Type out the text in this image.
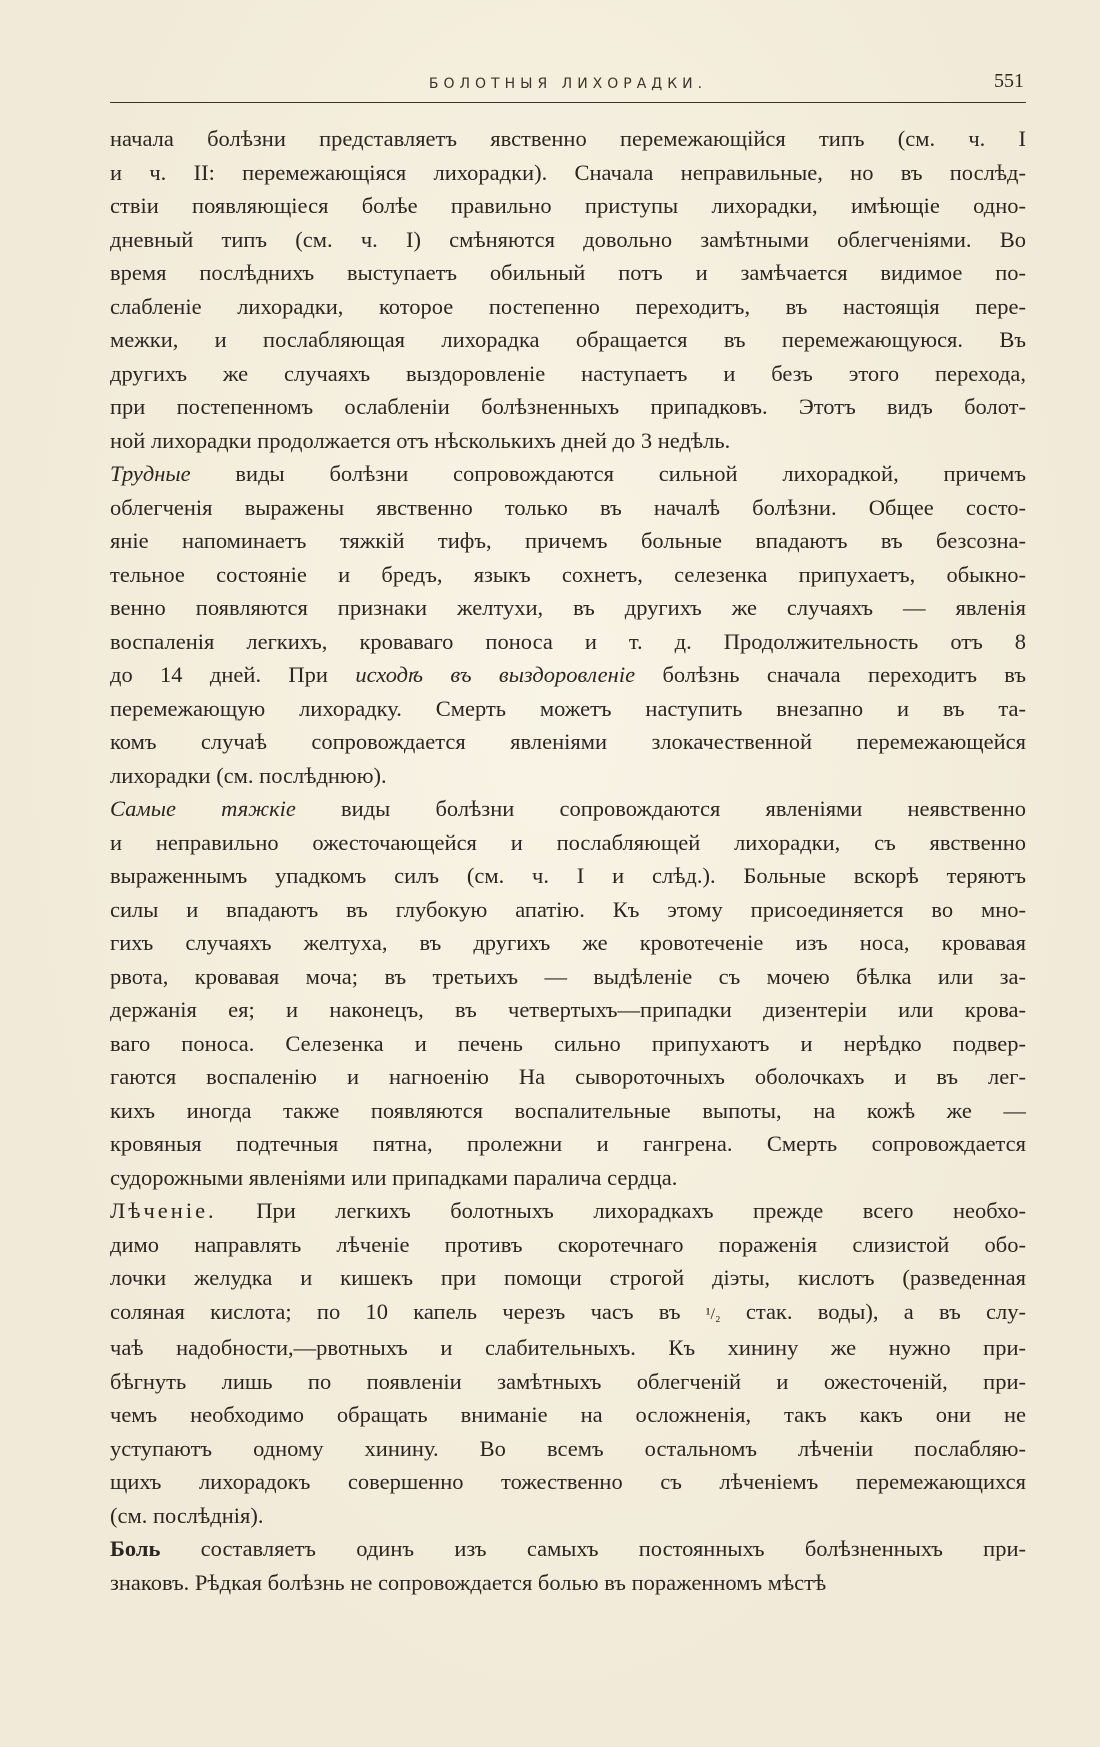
БОЛОТНЫЯ ЛИХОРАДКИ.	551

начала болѣзни представляетъ явственно перемежающійся типъ (см. ч. I
и ч. II: перемежающіяся лихорадки). Сначала неправильные, но въ послѣд-
ствіи появляющіеся болѣе правильно приступы лихорадки, имѣющіе одно-
дневный типъ (см. ч. I) смѣняются довольно замѣтными облегченіями. Во
время послѣднихъ выступаетъ обильный потъ и замѣчается видимое по-
слабленіе лихорадки, которое постепенно переходитъ, въ настоящія пере-
межки, и послабляющая лихорадка обращается въ перемежающуюся. Въ
другихъ же случаяхъ выздоровленіе наступаетъ и безъ этого перехода,
при постепенномъ ослабленіи болѣзненныхъ припадковъ. Этотъ видъ болот-
ной лихорадки продолжается отъ нѣсколькихъ дней до 3 недѣль.

Трудные виды болѣзни сопровождаются сильной лихорадкой, причемъ
облегченія выражены явственно только въ началѣ болѣзни. Общее состо-
яніе напоминаетъ тяжкій тифъ, причемъ больные впадаютъ въ безсозна-
тельное состояніе и бредъ, языкъ сохнетъ, селезенка припухаетъ, обыкно-
венно появляются признаки желтухи, въ другихъ же случаяхъ — явленія
воспаленія легкихъ, кроваваго поноса и т. д. Продолжительность отъ 8
до 14 дней. При исходѣ въ выздоровленіе болѣзнь сначала переходитъ въ
перемежающую лихорадку. Смерть можетъ наступить внезапно и въ та-
комъ случаѣ сопровождается явленіями злокачественной перемежающейся
лихорадки (см. послѣднюю).

Самые тяжкіе виды болѣзни сопровождаются явленіями неявственно
и неправильно ожесточающейся и послабляющей лихорадки, съ явственно
выраженнымъ упадкомъ силъ (см. ч. I и слѣд.). Больные вскорѣ теряютъ
силы и впадаютъ въ глубокую апатію. Къ этому присоединяется во мно-
гихъ случаяхъ желтуха, въ другихъ же кровотеченіе изъ носа, кровавая
рвота, кровавая моча; въ третьихъ — выдѣленіе съ мочею бѣлка или за-
держанія ея; и наконецъ, въ четвертыхъ—припадки дизентеріи или крова-
ваго поноса. Селезенка и печень сильно припухаютъ и нерѣдко подвер-
гаются воспаленію и нагноенію На сывороточныхъ оболочкахъ и въ лег-
кихъ иногда также появляются воспалительные выпоты, на кожѣ же —
кровяныя подтечныя пятна, пролежни и гангрена. Смерть сопровождается
судорожными явленіями или припадками паралича сердца.

Лѣченіе. При легкихъ болотныхъ лихорадкахъ прежде всего необхо-
димо направлять лѣченіе противъ скоротечнаго пораженія слизистой обо-
лочки желудка и кишекъ при помощи строгой діэты, кислотъ (разведенная
соляная кислота; по 10 капель черезъ часъ въ ¹/₂ стак. воды), а въ слу-
чаѣ надобности,—рвотныхъ и слабительныхъ. Къ хинину же нужно при-
бѣгнуть лишь по появленіи замѣтныхъ облегченій и ожесточеній, при-
чемъ необходимо обращать вниманіе на осложненія, такъ какъ они не
уступаютъ одному хинину. Во всемъ остальномъ лѣченіи послабляю-
щихъ лихорадокъ совершенно тожественно съ лѣченіемъ перемежающихся
(см. послѣднія).

Боль составляетъ одинъ изъ самыхъ постоянныхъ болѣзненныхъ при-
знаковъ. Рѣдкая болѣзнь не сопровождается болью въ пораженномъ мѣстѣ
